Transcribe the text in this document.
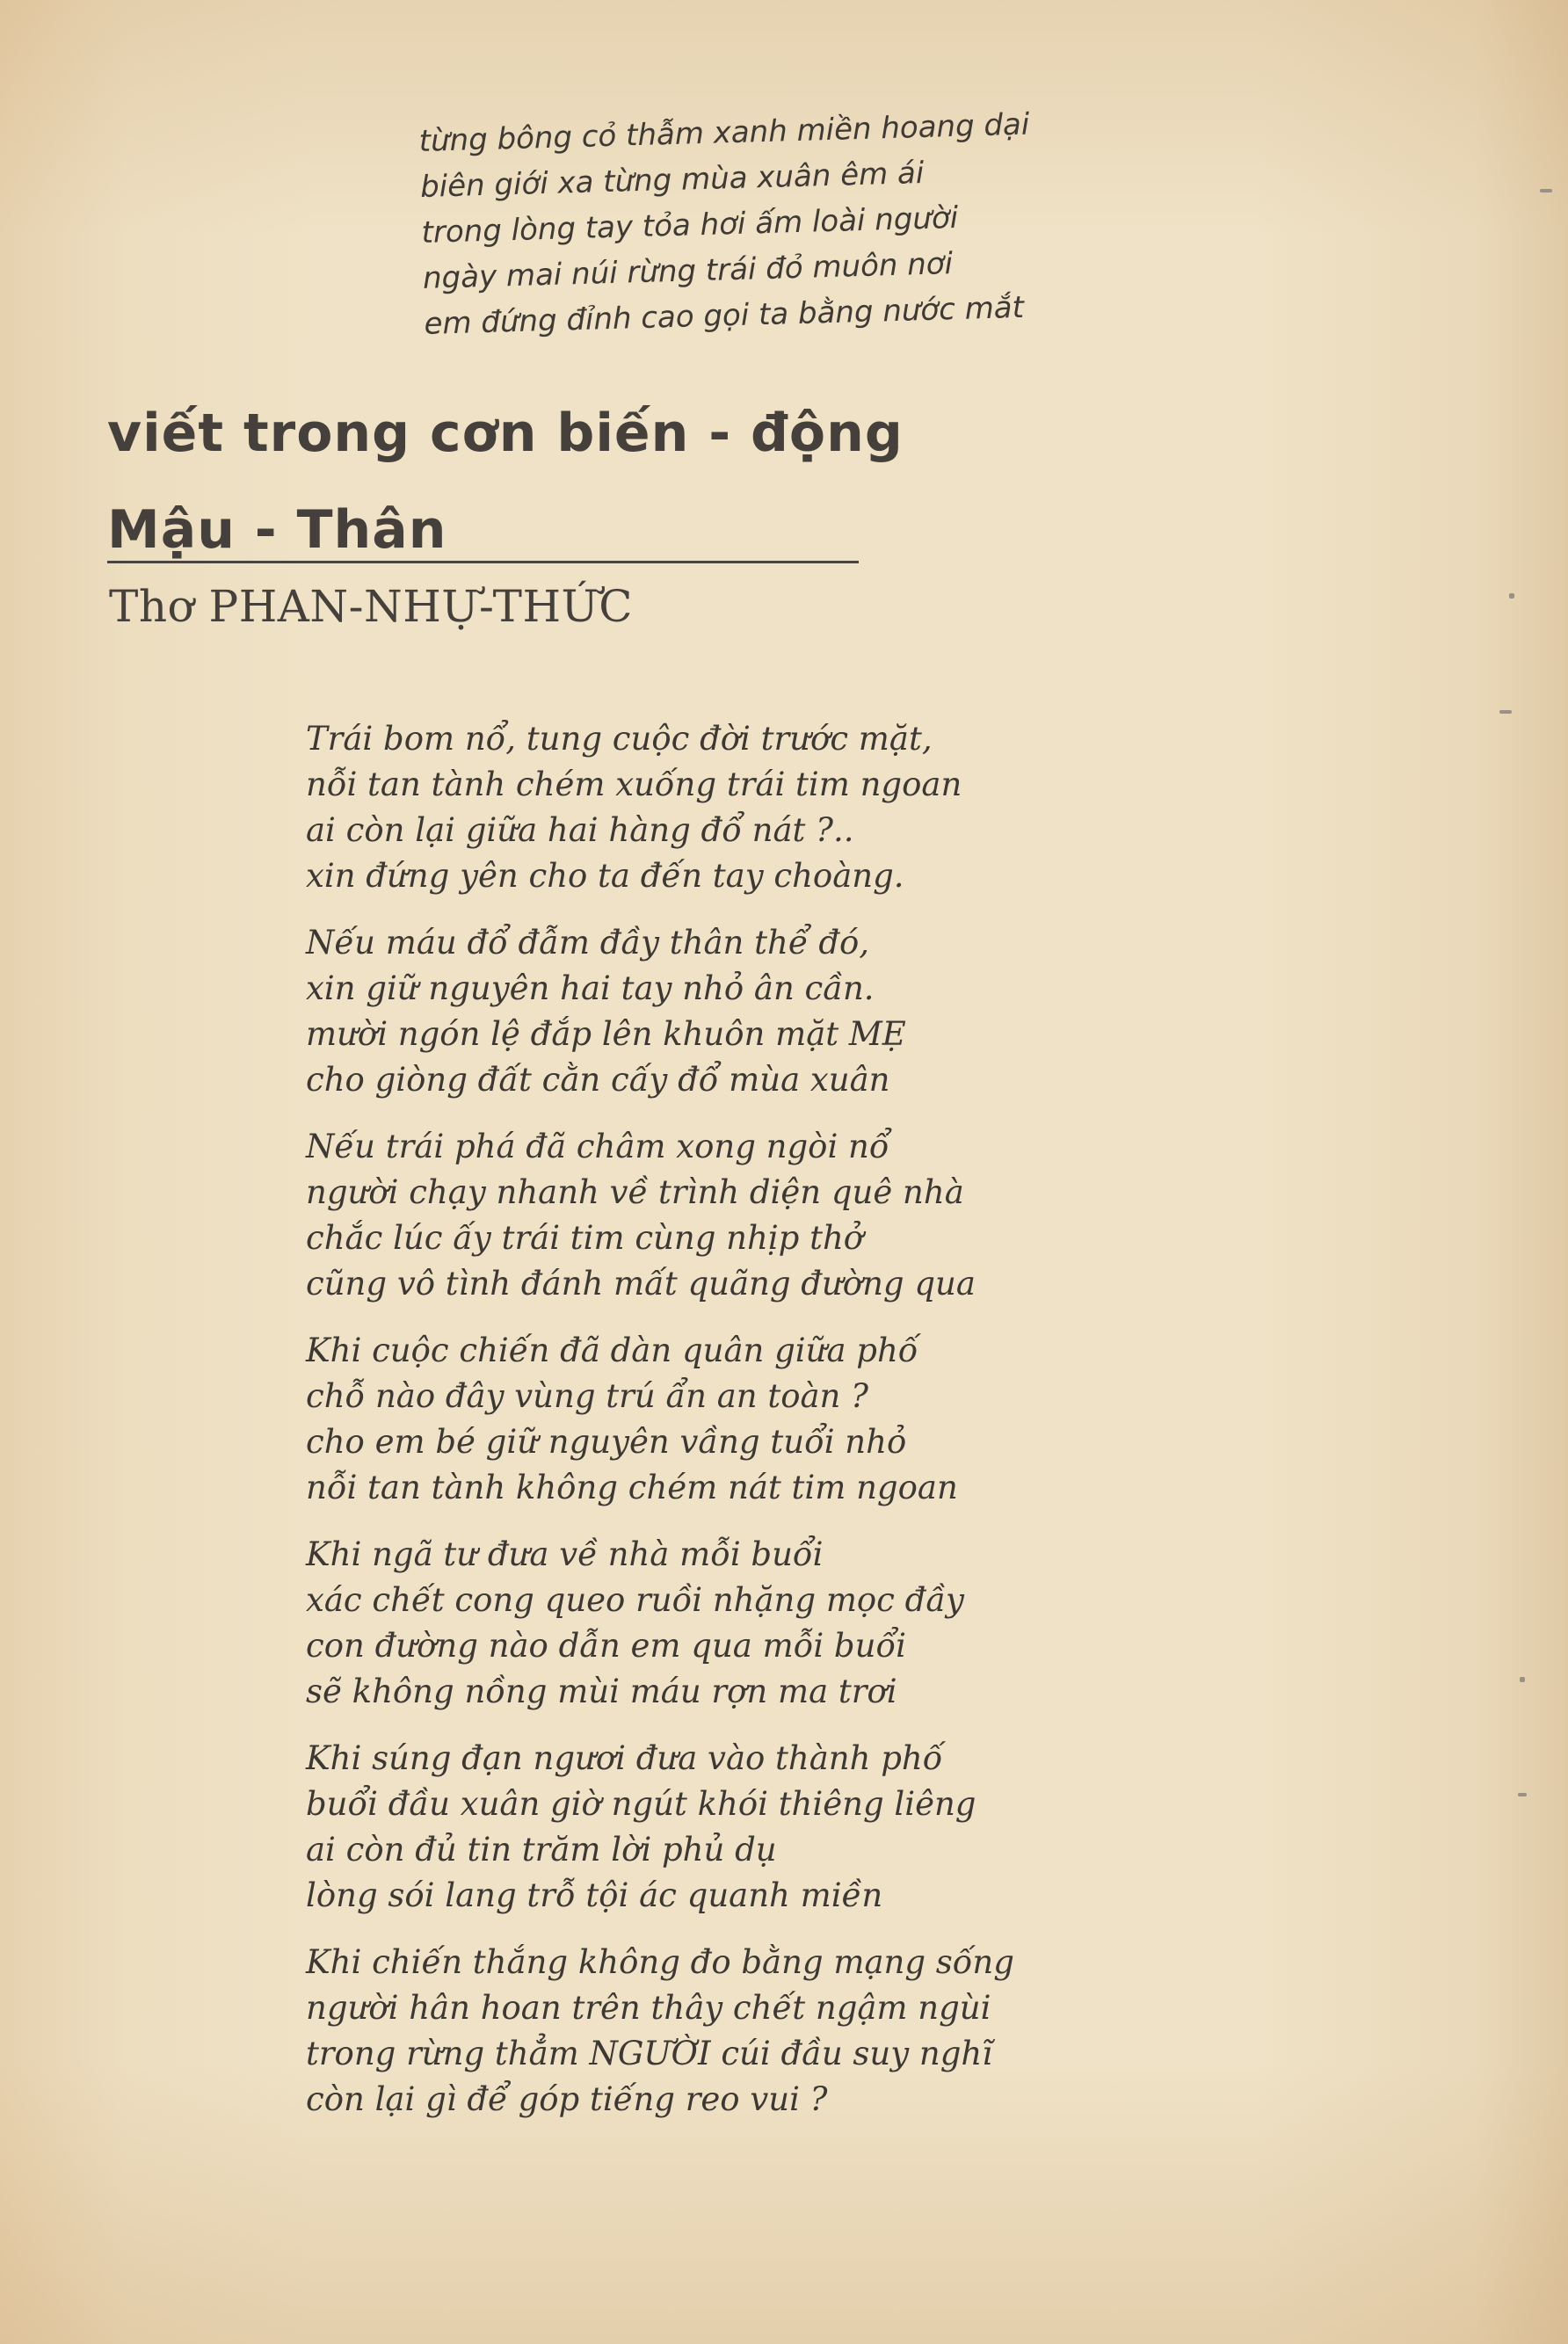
từng bông cỏ thẫm xanh miền hoang dại
biên giới xa từng mùa xuân êm ái
trong lòng tay tỏa hơi ấm loài người
ngày mai núi rừng trái đỏ muôn nơi
em đứng đỉnh cao gọi ta bằng nước mắt
viết trong cơn biến - động
Mậu - Thân
Thơ PHAN-NHỰ-THỨC
Trái bom nổ, tung cuộc đời trước mặt,
nỗi tan tành chém xuống trái tim ngoan
ai còn lại giữa hai hàng đổ nát ?..
xin đứng yên cho ta đến tay choàng.
Nếu máu đổ đẫm đầy thân thể đó,
xin giữ nguyên hai tay nhỏ ân cần.
mười ngón lệ đắp lên khuôn mặt MẸ
cho giòng đất cằn cấy đổ mùa xuân
Nếu trái phá đã châm xong ngòi nổ
người chạy nhanh về trình diện quê nhà
chắc lúc ấy trái tim cùng nhịp thở
cũng vô tình đánh mất quãng đường qua
Khi cuộc chiến đã dàn quân giữa phố
chỗ nào đây vùng trú ẩn an toàn ?
cho em bé giữ nguyên vầng tuổi nhỏ
nỗi tan tành không chém nát tim ngoan
Khi ngã tư đưa về nhà mỗi buổi
xác chết cong queo ruồi nhặng mọc đầy
con đường nào dẫn em qua mỗi buổi
sẽ không nồng mùi máu rợn ma trơi
Khi súng đạn ngươi đưa vào thành phố
buổi đầu xuân giờ ngút khói thiêng liêng
ai còn đủ tin trăm lời phủ dụ
lòng sói lang trỗ tội ác quanh miền
Khi chiến thắng không đo bằng mạng sống
người hân hoan trên thây chết ngậm ngùi
trong rừng thẳm NGƯỜI cúi đầu suy nghĩ
còn lại gì để góp tiếng reo vui ?
